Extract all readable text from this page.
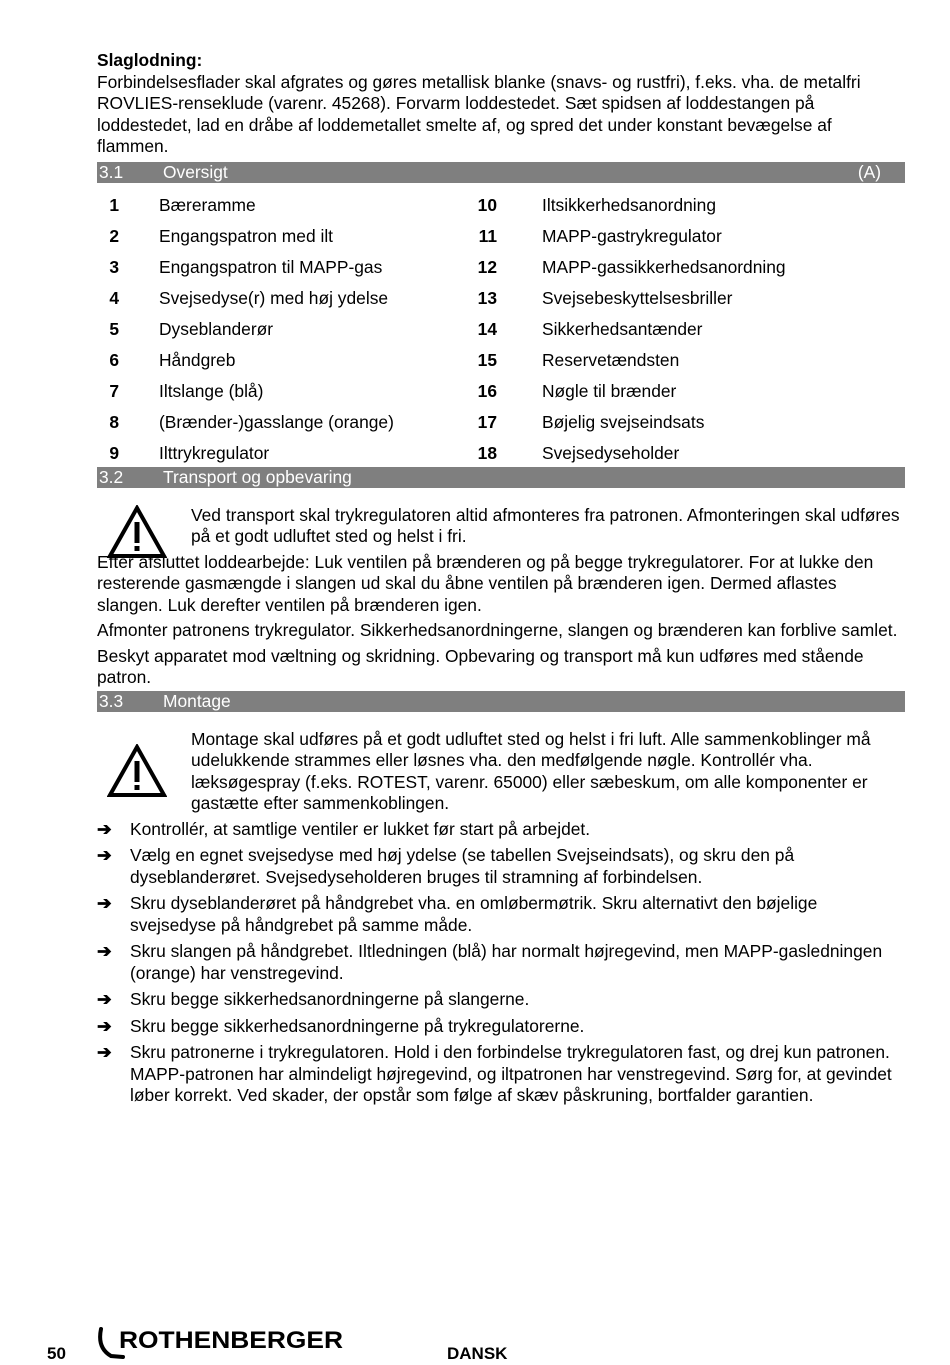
Slaglodning:

Forbindelsesflader skal afgrates og gøres metallisk blanke (snavs- og rustfri), f.eks. vha. de metalfri ROVLIES-renseklude (varenr. 45268). Forvarm loddestedet. Sæt spidsen af loddestangen på loddestedet, lad en dråbe af loddemetallet smelte af, og spred det under konstant bevægelse af flammen.

3.1 Oversigt	(A)
1 Bæreramme	10	Iltsikkerhedsanordning
2 Engangspatron med ilt	11	MAPP-gastrykregulator
3 Engangspatron til MAPP-gas	12	MAPP-gassikkerhedsanordning
4 Svejsedyse(r) med høj ydelse	13	Svejsebeskyttelsesbriller
5 Dyseblanderør	14	Sikkerhedsantænder
6 Håndgreb	15	Reservetændsten
7 Iltslange (blå)	16	Nøgle til brænder
8 (Brænder-)gasslange (orange)	17	Bøjelig svejseindsats
9 Ilttrykregulator	18	Svejsedyseholder
3.2 Transport og opbevaring
Ved transport skal trykregulatoren altid afmonteres fra patronen. Afmonteringen skal udføres på et godt udluftet sted og helst i fri.

Efter afsluttet loddearbejde: Luk ventilen på brænderen og på begge trykregulatorer. For at lukke den resterende gasmængde i slangen ud skal du åbne ventilen på brænderen igen. Dermed aflastes slangen. Luk derefter ventilen på brænderen igen.

Afmonter patronens trykregulator. Sikkerhedsanordningerne, slangen og brænderen kan forblive samlet.

Beskyt apparatet mod væltning og skridning. Opbevaring og transport må kun udføres med stående patron.

3.3 Montage
Montage skal udføres på et godt udluftet sted og helst i fri luft. Alle sammenkoblinger må udelukkende strammes eller løsnes vha. den medfølgende nøgle. Kontrollér vha. læksøgespray (f.eks. ROTEST, varenr. 65000) eller sæbeskum, om alle komponenter er gastætte efter sammenkoblingen.
➔ Kontrollér, at samtlige ventiler er lukket før start på arbejdet.
➔ Vælg en egnet svejsedyse med høj ydelse (se tabellen Svejseindsats), og skru den på dyseblanderøret. Svejsedyseholderen bruges til stramning af forbindelsen.
➔ Skru dyseblanderøret på håndgrebet vha. en omløbermøtrik. Skru alternativt den bøjelige svejsedyse på håndgrebet på samme måde.
➔ Skru slangen på håndgrebet. Iltledningen (blå) har normalt højregevind, men MAPP-gasledningen (orange) har venstregevind.
➔ Skru begge sikkerhedsanordningerne på slangerne.
➔ Skru begge sikkerhedsanordningerne på trykregulatorerne.
➔ Skru patronerne i trykregulatoren. Hold i den forbindelse trykregulatoren fast, og drej kun patronen. MAPP-patronen har almindeligt højregevind, og iltpatronen har venstregevind. Sørg for, at gevindet løber korrekt. Ved skader, der opstår som følge af skæv påskruning, bortfalder garantien.
50 ROTHENBERGER	DANSK
